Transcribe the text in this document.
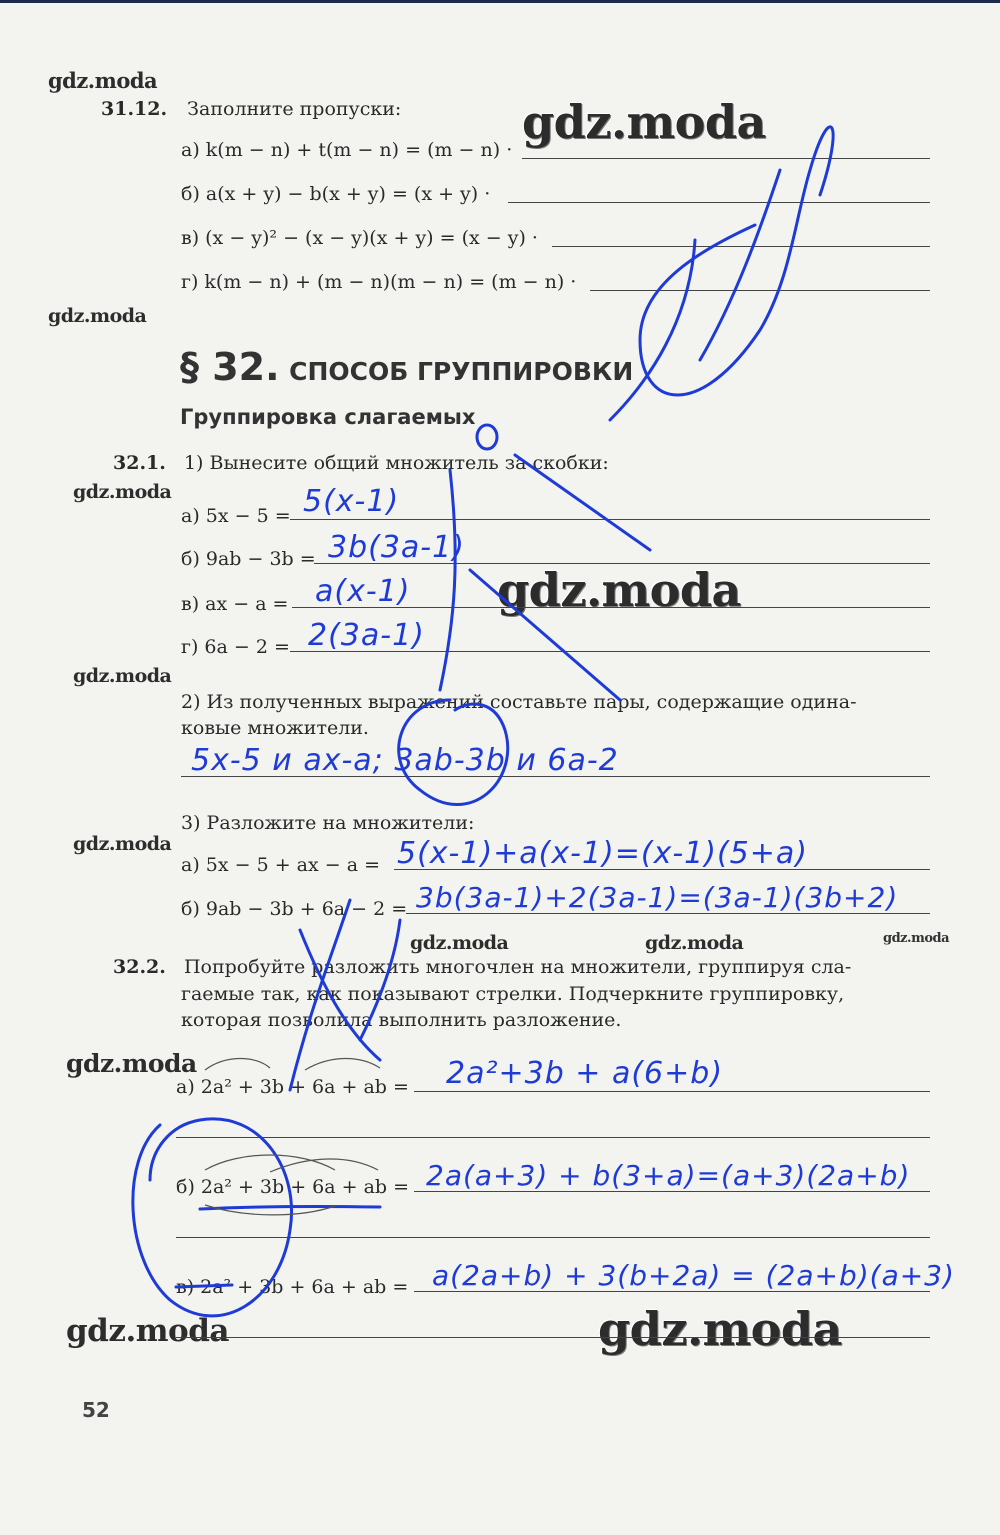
gdz.moda
gdz.moda
gdz.moda
gdz.moda
gdz.moda
gdz.moda
gdz.moda
gdz.moda	gdz.moda	gdz.moda
gdz.moda
gdz.moda	gdz.moda
31.12. Заполните пропуски:
а) k(m − n) + t(m − n) = (m − n) ·
б) a(x + y) − b(x + y) = (x + y) ·
в) (x − y)² − (x − y)(x + y) = (x − y) ·
г) k(m − n) + (m − n)(m − n) = (m − n) ·
§ 32. СПОСОБ ГРУППИРОВКИ
Группировка слагаемых
32.1. 1) Вынесите общий множитель за скобки:
а) 5x − 5 = 5(x-1)
б) 9ab − 3b = 3b(3a-1)
в) ax − a = a(x-1)
г) 6a − 2 = 2(3a-1)
2) Из полученных выражений составьте пары, содержащие одина-
ковые множители.
5x-5 и ax-a; 3ab-3b и 6a-2
3) Разложите на множители:
а) 5x − 5 + ax − a = 5(x-1)+a(x-1)=(x-1)(5+a)
б) 9ab − 3b + 6a − 2 = 3b(3a-1)+2(3a-1)=(3a-1)(3b+2)
32.2. Попробуйте разложить многочлен на множители, группируя сла-
гаемые так, как показывают стрелки. Подчеркните группировку,
которая позволила выполнить разложение.
а) 2a² + 3b + 6a + ab = 2a²+3b + a(6+b)
б) 2a² + 3b + 6a + ab = 2a(a+3) + b(3+a)=(a+3)(2a+b)
в) 2a² + 3b + 6a + ab = a(2a+b) + 3(b+2a) = (2a+b)(a+3)
52
